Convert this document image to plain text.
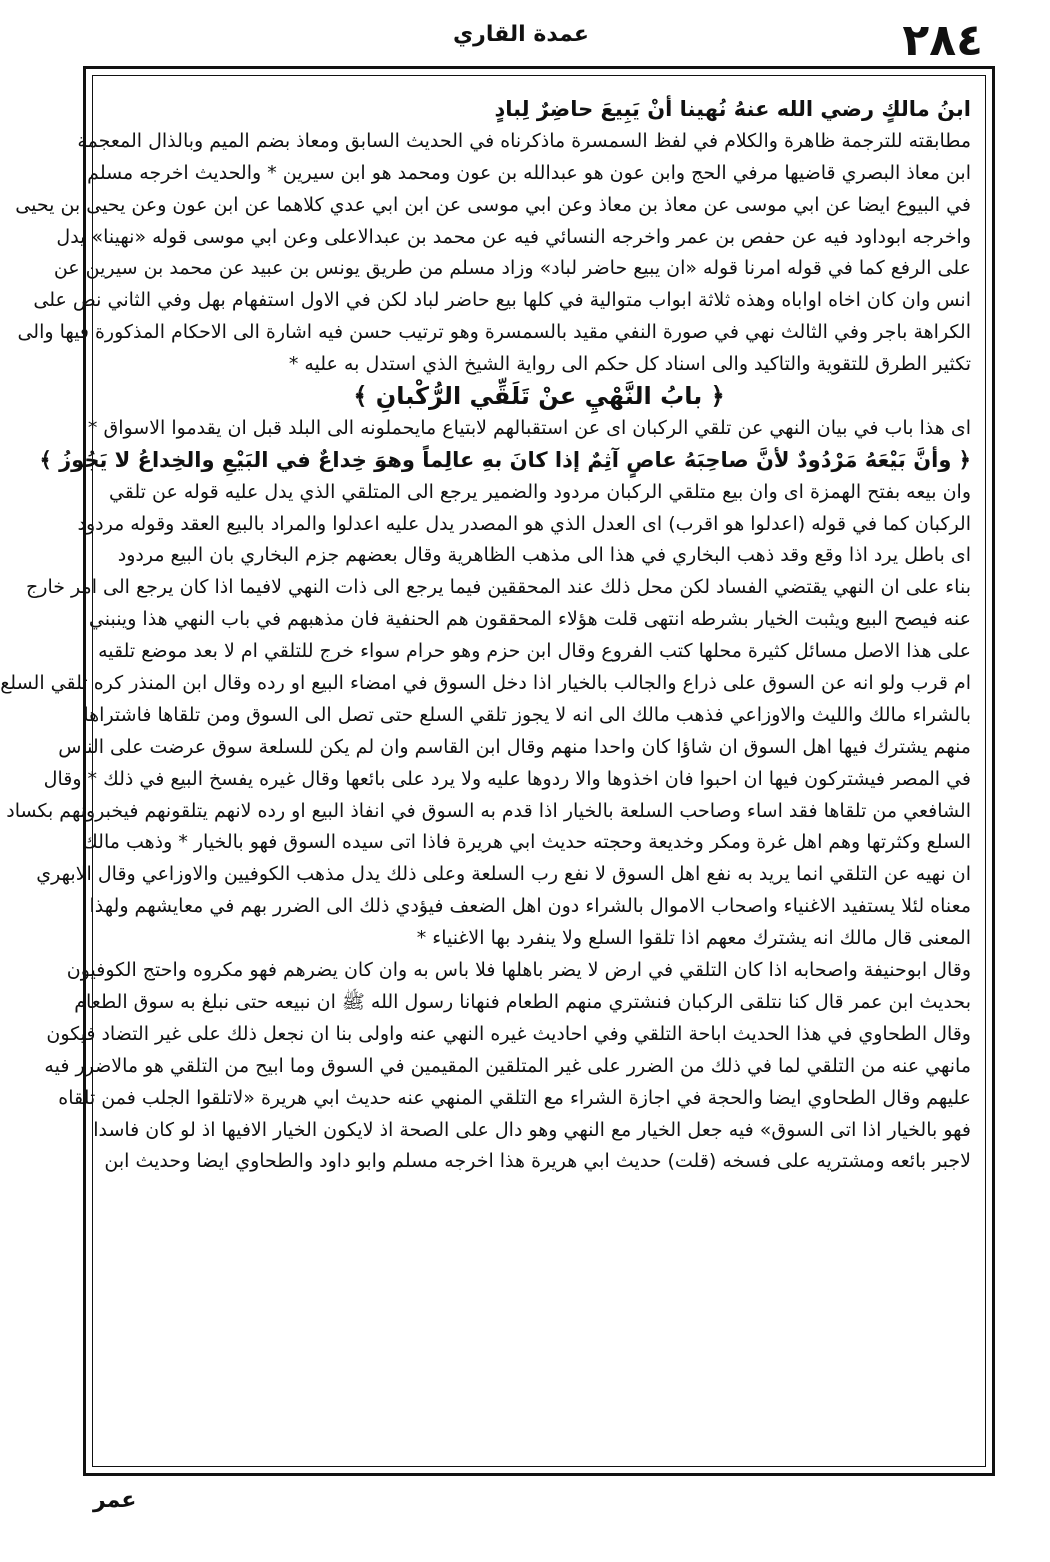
٢٨٤
عمدة القاري
ابنُ مالكٍ رضي الله عنهُ نُهينا أنْ يَبِيعَ حاضِرٌ لِبادٍ
مطابقته للترجمة ظاهرة والكلام في لفظ السمسرة ماذكرناه في الحديث السابق ومعاذ بضم الميم وبالذال المعجمة
ابن معاذ البصري قاضيها مرفي الحج وابن عون هو عبدالله بن عون ومحمد هو ابن سيرين * والحديث اخرجه مسلم
في البيوع ايضا عن ابي موسى عن معاذ بن معاذ وعن ابي موسى عن ابن ابي عدي كلاهما عن ابن عون وعن يحيى بن يحيى
واخرجه ابوداود فيه عن حفص بن عمر واخرجه النسائي فيه عن محمد بن عبدالاعلى وعن ابي موسى قوله «نهينا» يدل
على الرفع كما في قوله امرنا قوله «ان يبيع حاضر لباد» وزاد مسلم من طريق يونس بن عبيد عن محمد بن سيرين عن
انس وان كان اخاه اواباه وهذه ثلاثة ابواب متوالية في كلها بيع حاضر لباد لكن في الاول استفهام بهل وفي الثاني نص على
الكراهة باجر وفي الثالث نهي في صورة النفي مقيد بالسمسرة وهو ترتيب حسن فيه اشارة الى الاحكام المذكورة فيها والى
تكثير الطرق للتقوية والتاكيد والى اسناد كل حكم الى رواية الشيخ الذي استدل به عليه *
﴿ بابُ النَّهْيِ عنْ تَلَقِّي الرُّكْبانِ ﴾
اى هذا باب في بيان النهي عن تلقي الركبان اى عن استقبالهم لابتياع مايحملونه الى البلد قبل ان يقدموا الاسواق *
﴿ وأنَّ بَيْعَهُ مَرْدُودٌ لأنَّ صاحِبَهُ عاصٍ آثِمٌ إذا كانَ بهِ عالِماً وهوَ خِداعٌ في البَيْعِ والخِداعُ لا يَجُوزُ ﴾
وان بيعه بفتح الهمزة اى وان بيع متلقي الركبان مردود والضمير يرجع الى المتلقي الذي يدل عليه قوله عن تلقي
الركبان كما في قوله (اعدلوا هو اقرب) اى العدل الذي هو المصدر يدل عليه اعدلوا والمراد بالبيع العقد وقوله مردود
اى باطل يرد اذا وقع وقد ذهب البخاري في هذا الى مذهب الظاهرية وقال بعضهم جزم البخاري بان البيع مردود
بناء على ان النهي يقتضي الفساد لكن محل ذلك عند المحققين فيما يرجع الى ذات النهي لافيما اذا كان يرجع الى امر خارج
عنه فيصح البيع ويثبت الخيار بشرطه انتهى قلت هؤلاء المحققون هم الحنفية فان مذهبهم في باب النهي هذا وينبني
على هذا الاصل مسائل كثيرة محلها كتب الفروع وقال ابن حزم وهو حرام سواء خرج للتلقي ام لا بعد موضع تلقيه
ام قرب ولو انه عن السوق على ذراع والجالب بالخيار اذا دخل السوق في امضاء البيع او رده وقال ابن المنذر كره تلقي السلع
بالشراء مالك والليث والاوزاعي فذهب مالك الى انه لا يجوز تلقي السلع حتى تصل الى السوق ومن تلقاها فاشتراها
منهم يشترك فيها اهل السوق ان شاؤا كان واحدا منهم وقال ابن القاسم وان لم يكن للسلعة سوق عرضت على الناس
في المصر فيشتركون فيها ان احبوا فان اخذوها والا ردوها عليه ولا يرد على بائعها وقال غيره يفسخ البيع في ذلك * وقال
الشافعي من تلقاها فقد اساء وصاحب السلعة بالخيار اذا قدم به السوق في انفاذ البيع او رده لانهم يتلقونهم فيخبرونهم بكساد
السلع وكثرتها وهم اهل غرة ومكر وخديعة وحجته حديث ابي هريرة فاذا اتى سيده السوق فهو بالخيار * وذهب مالك
ان نهيه عن التلقي انما يريد به نفع اهل السوق لا نفع رب السلعة وعلى ذلك يدل مذهب الكوفيين والاوزاعي وقال الابهري
معناه لئلا يستفيد الاغنياء واصحاب الاموال بالشراء دون اهل الضعف فيؤدي ذلك الى الضرر بهم في معايشهم ولهذا
المعنى قال مالك انه يشترك معهم اذا تلقوا السلع ولا ينفرد بها الاغنياء *
وقال ابوحنيفة واصحابه اذا كان التلقي في ارض لا يضر باهلها فلا باس به وان كان يضرهم فهو مكروه واحتج الكوفيون
بحديث ابن عمر قال كنا نتلقى الركبان فنشتري منهم الطعام فنهانا رسول الله ﷺ ان نبيعه حتى نبلغ به سوق الطعام
وقال الطحاوي في هذا الحديث اباحة التلقي وفي احاديث غيره النهي عنه واولى بنا ان نجعل ذلك على غير التضاد فيكون
مانهي عنه من التلقي لما في ذلك من الضرر على غير المتلقين المقيمين في السوق وما ابيح من التلقي هو مالاضرر فيه
عليهم وقال الطحاوي ايضا والحجة في اجازة الشراء مع التلقي المنهي عنه حديث ابي هريرة «لاتلقوا الجلب فمن تلقاه
فهو بالخيار اذا اتى السوق» فيه جعل الخيار مع النهي وهو دال على الصحة اذ لايكون الخيار الافيها اذ لو كان فاسدا
لاجبر بائعه ومشتريه على فسخه (قلت) حديث ابي هريرة هذا اخرجه مسلم وابو داود والطحاوي ايضا وحديث ابن
عمر
